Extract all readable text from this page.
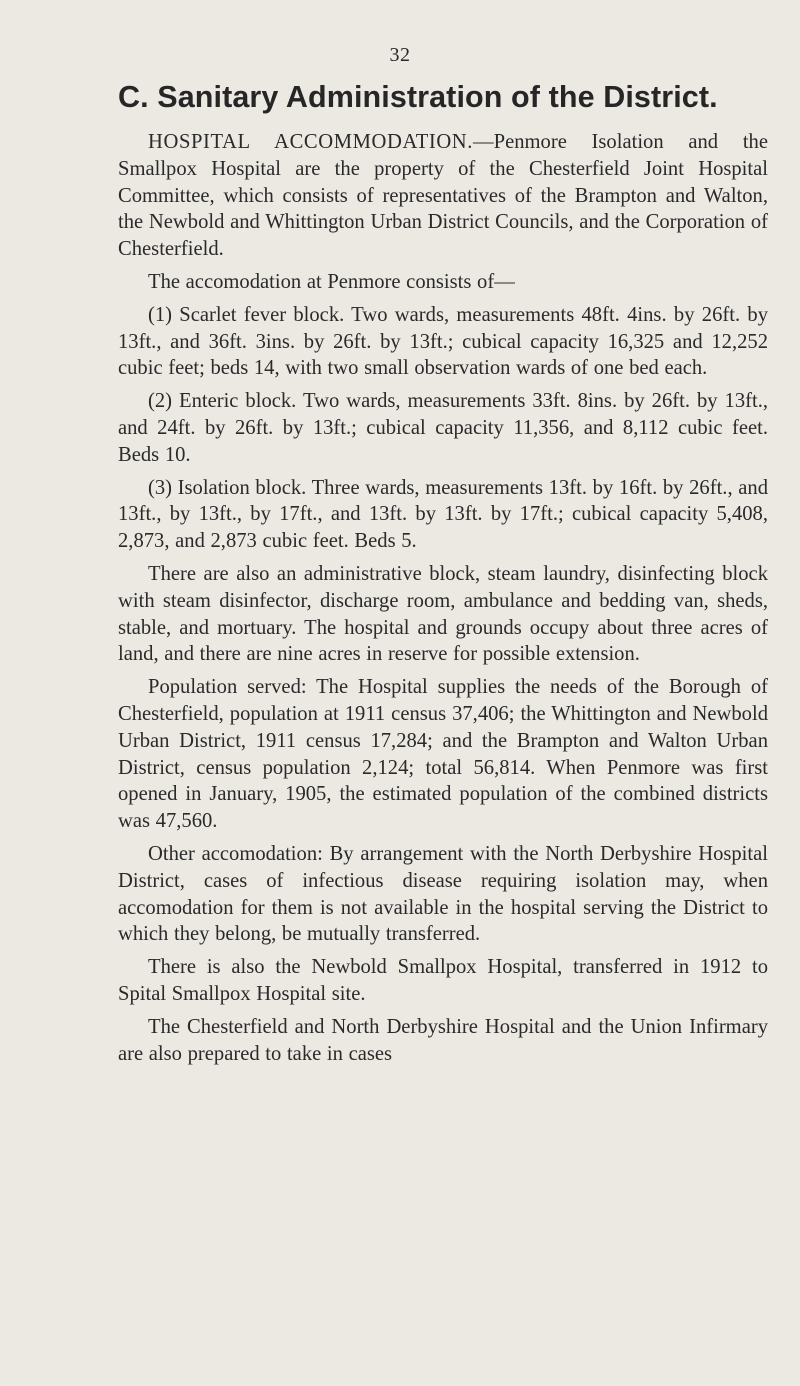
32
C. Sanitary Administration of the District.

HOSPITAL ACCOMMODATION.—Penmore Isolation and the Smallpox Hospital are the property of the Chesterfield Joint Hospital Committee, which consists of representatives of the Brampton and Walton, the Newbold and Whittington Urban District Councils, and the Corporation of Chesterfield.

The accomodation at Penmore consists of—

(1) Scarlet fever block. Two wards, measurements 48ft. 4ins. by 26ft. by 13ft., and 36ft. 3ins. by 26ft. by 13ft.; cubical capacity 16,325 and 12,252 cubic feet; beds 14, with two small observation wards of one bed each.

(2) Enteric block. Two wards, measurements 33ft. 8ins. by 26ft. by 13ft., and 24ft. by 26ft. by 13ft.; cubical capacity 11,356, and 8,112 cubic feet. Beds 10.

(3) Isolation block. Three wards, measurements 13ft. by 16ft. by 26ft., and 13ft., by 13ft., by 17ft., and 13ft. by 13ft. by 17ft.; cubical capacity 5,408, 2,873, and 2,873 cubic feet. Beds 5.

There are also an administrative block, steam laundry, disinfecting block with steam disinfector, discharge room, ambulance and bedding van, sheds, stable, and mortuary. The hospital and grounds occupy about three acres of land, and there are nine acres in reserve for possible extension.

Population served: The Hospital supplies the needs of the Borough of Chesterfield, population at 1911 census 37,406; the Whittington and Newbold Urban District, 1911 census 17,284; and the Brampton and Walton Urban District, census population 2,124; total 56,814. When Penmore was first opened in January, 1905, the estimated population of the combined districts was 47,560.

Other accomodation: By arrangement with the North Derbyshire Hospital District, cases of infectious disease requiring isolation may, when accomodation for them is not available in the hospital serving the District to which they belong, be mutually transferred.

There is also the Newbold Smallpox Hospital, transferred in 1912 to Spital Smallpox Hospital site.

The Chesterfield and North Derbyshire Hospital and the Union Infirmary are also prepared to take in cases
